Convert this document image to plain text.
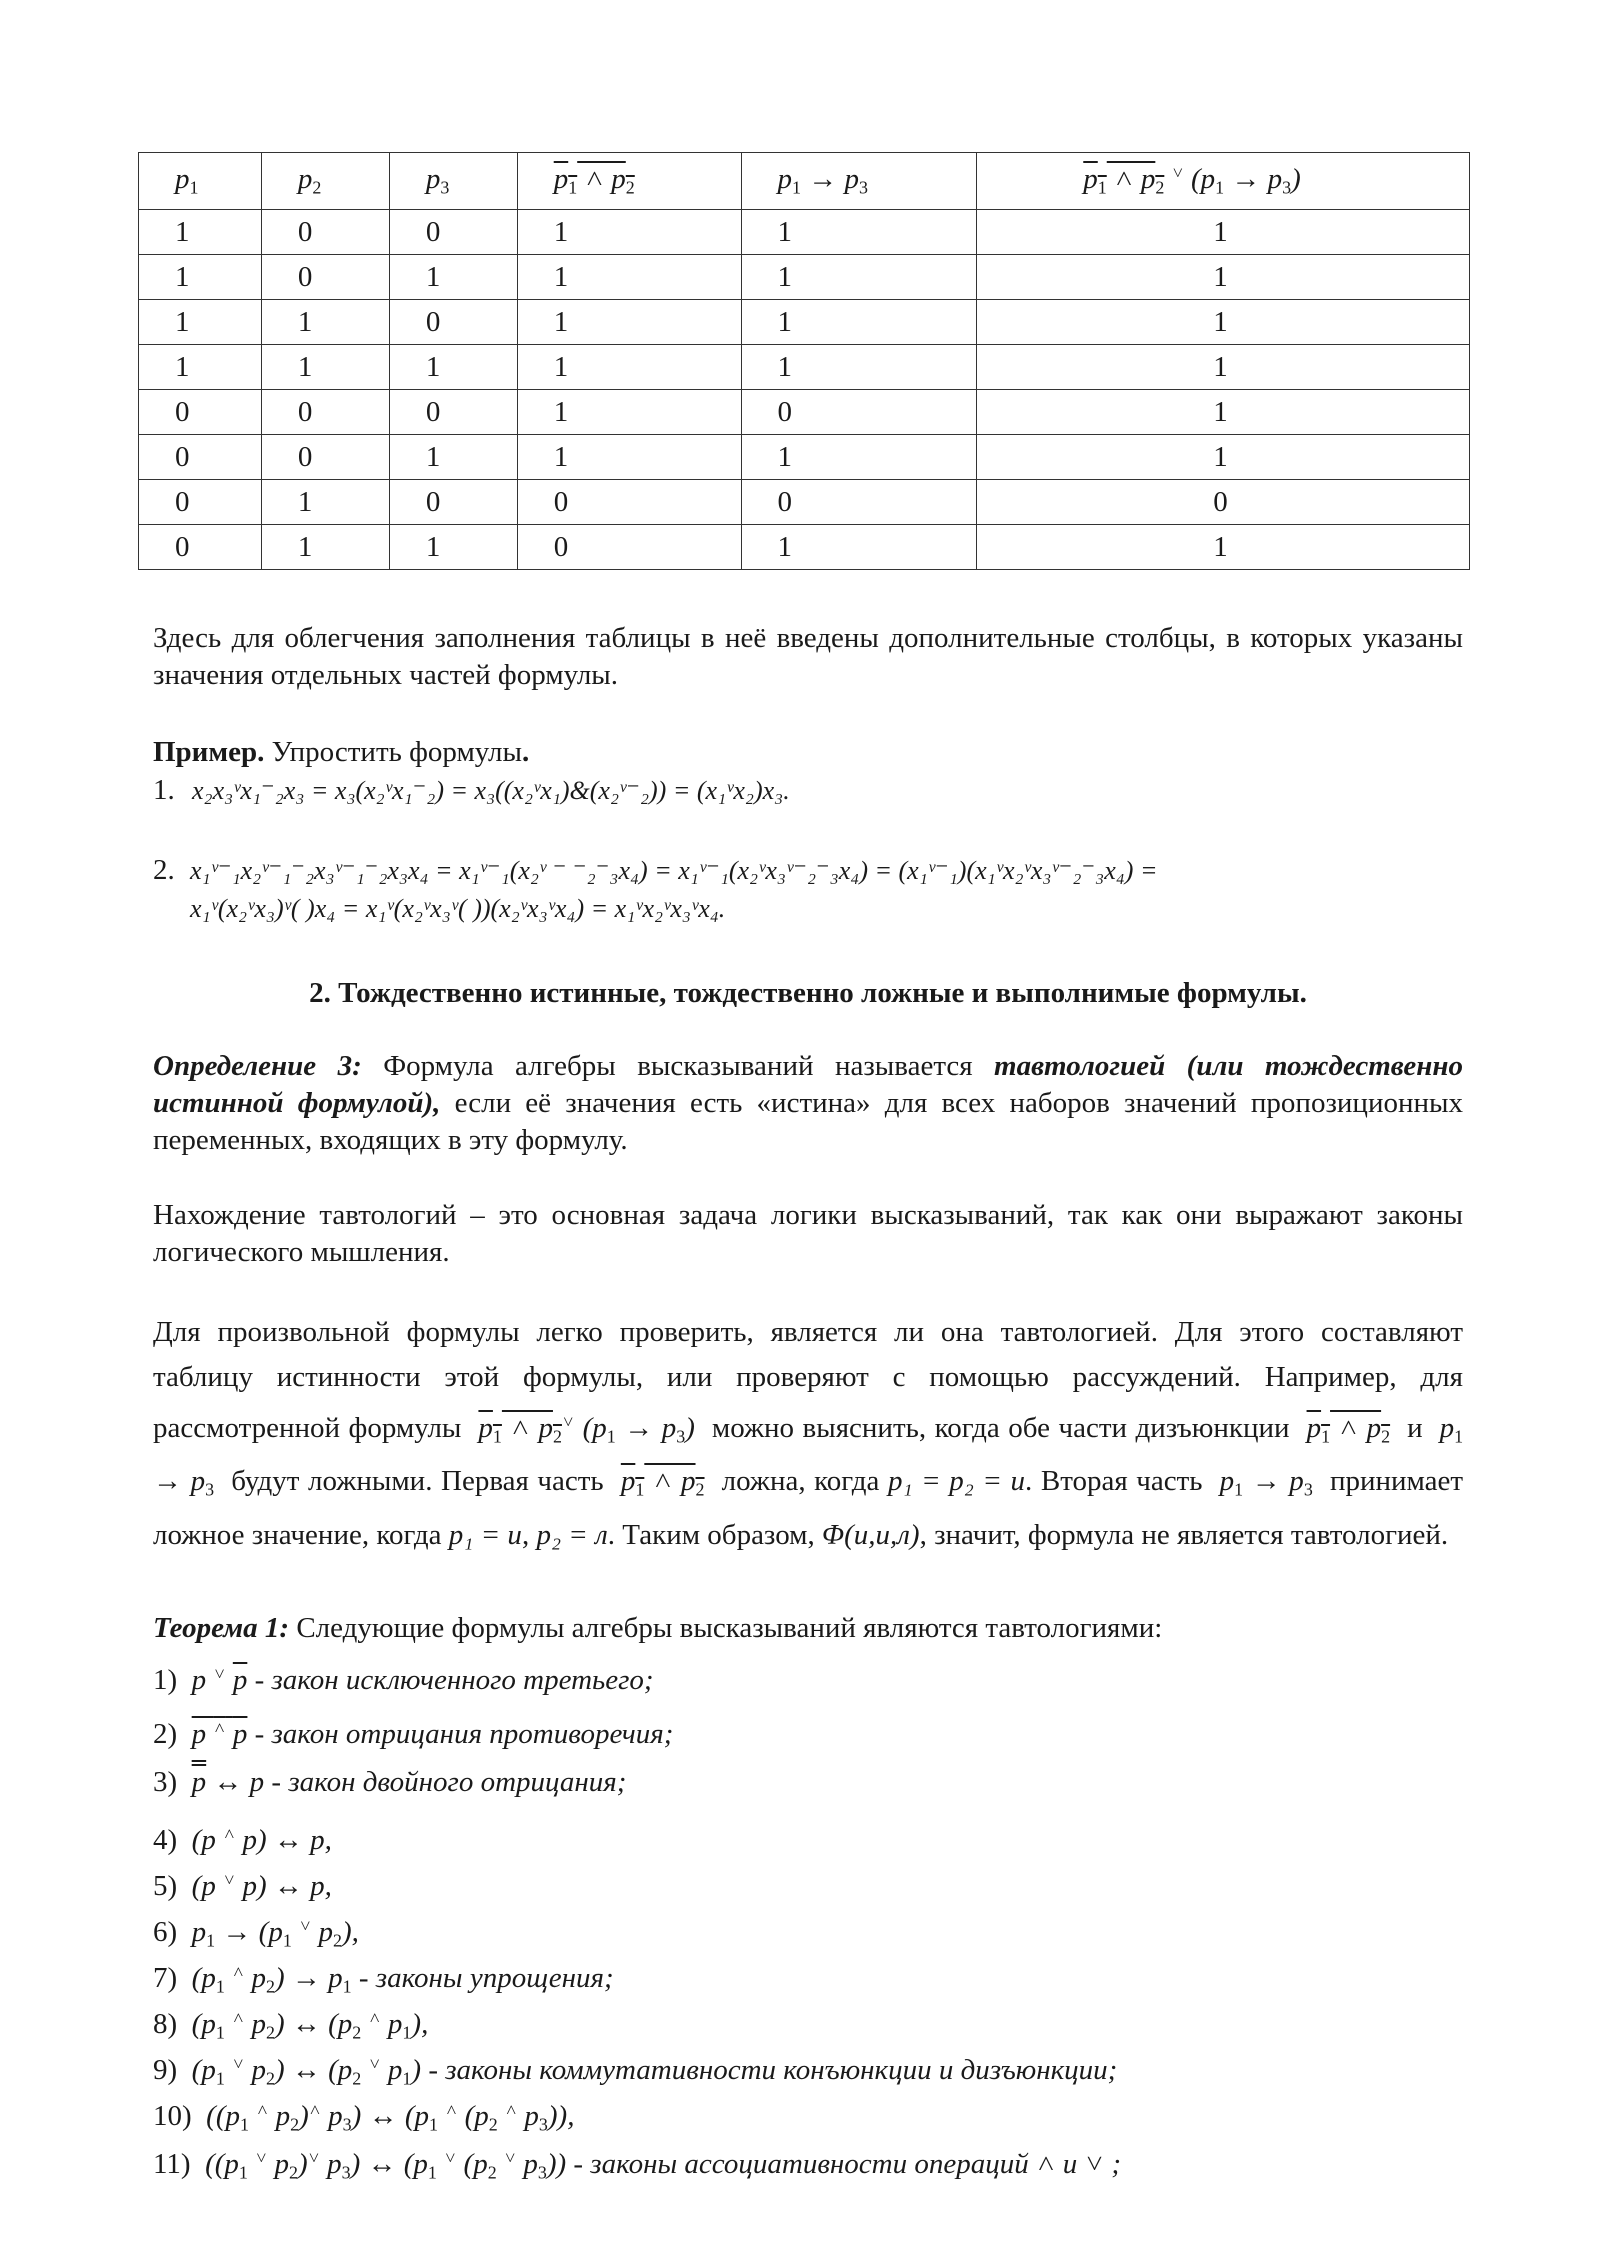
$p_1$	$p_2$	$p_3$	$p_1$ ˄ $p_2$	$p_1 \to p_3$	$p_1$ ˄ $p_2$ ˅ $(p_1 \to p_3)$
1	0	0	1	1	1
1	0	1	1	1	1
1	1	0	1	1	1
1	1	1	1	1	1
0	0	0	1	0	1
0	0	1	1	1	1
0	1	0	0	0	0
0	1	1	0	1	1
Здесь для облегчения заполнения таблицы в неё введены дополнительные столбцы, в которых указаны значения отдельных частей формулы.
Пример. Упростить формулы.
1. x₂x₃ᵛx₁⁻₂x₃ = x₃(x₂ᵛx₁⁻₂) = x₃((x₂ᵛx₁)&(x₂ᵛ⁻₂)) = (x₁ᵛx₂)x₃.
2. x₁ᵛ⁻₁x₂ᵛ⁻₁⁻₂x₃ᵛ⁻₁⁻₂x₃x₄ = x₁ᵛ⁻₁(x₂ᵛ ⁻ ⁻₂⁻₃x₄) = x₁ᵛ⁻₁(x₂ᵛx₃ᵛ⁻₂⁻₃x₄) = (x₁ᵛ⁻₁)(x₁ᵛx₂ᵛx₃ᵛ⁻₂⁻₃x₄) =
x₁ᵛ(x₂ᵛx₃)ᵛ( )x₄ = x₁ᵛ(x₂ᵛx₃ᵛ( ))(x₂ᵛx₃ᵛx₄) = x₁ᵛx₂ᵛx₃ᵛx₄.
2. Тождественно истинные, тождественно ложные и выполнимые формулы.
Определение 3: Формула алгебры высказываний называется тавтологией (или тождественно истинной формулой), если её значения есть «истина» для всех наборов значений пропозиционных переменных, входящих в эту формулу.
Нахождение тавтологий – это основная задача логики высказываний, так как они выражают законы логического мышления.
Для произвольной формулы легко проверить, является ли она тавтологией. Для этого составляют таблицу истинности этой формулы, или проверяют с помощью рассуждений. Например, для рассмотренной формулы $p_1$ ˄ $p_2^˅$ $(p_1 \to p_3)$  можно выяснить, когда обе части дизъюнкции $p_1$ ˄ $p_2$ и  $p_1 \to p_3$ будут ложными. Первая часть $p_1$ ˄ $p_2$ ложна, когда p₁ = p₂ = и. Вторая часть  $p_1 \to p_3$ принимает ложное значение, когда p₁ = и, p₂ = л. Таким образом, Φ(и,и,л), значит, формула не является тавтологией.
Теорема 1: Следующие формулы алгебры высказываний являются тавтологиями:
1)  p ˅ $\overline{p}$ - закон исключенного третьего;
2) p ˄ p - закон отрицания противоречия;
3) p ↔ p - закон двойного отрицания;
4)  (p ˄ p) ↔ p,
5)  (p ˅ p) ↔ p,
6)  $p_1 \to (p_1$ ˅ $p_2$),
7)  ($p_1$ ˄ $p_2) \to p_1$ - законы упрощения;
8)  ($p_1$ ˄ $p_2$) ↔ ($p_2$ ˄ $p_1$),
9)  ($p_1$ ˅ $p_2$) ↔ ($p_2$ ˅ $p_1$) - законы коммутативности конъюнкции и дизъюнкции;
10)  (($p_1$ ˄ $p_2)^˄$ $p_3$) ↔ ($p_1$ ˄ ($p_2$ ˄ $p_3$)),
11)  (($p_1$ ˅ $p_2)^˅$ $p_3$) ↔ ($p_1$ ˅ ($p_2$ ˅ $p_3$)) - законы ассоциативности операций ˄ и ˅ ;
